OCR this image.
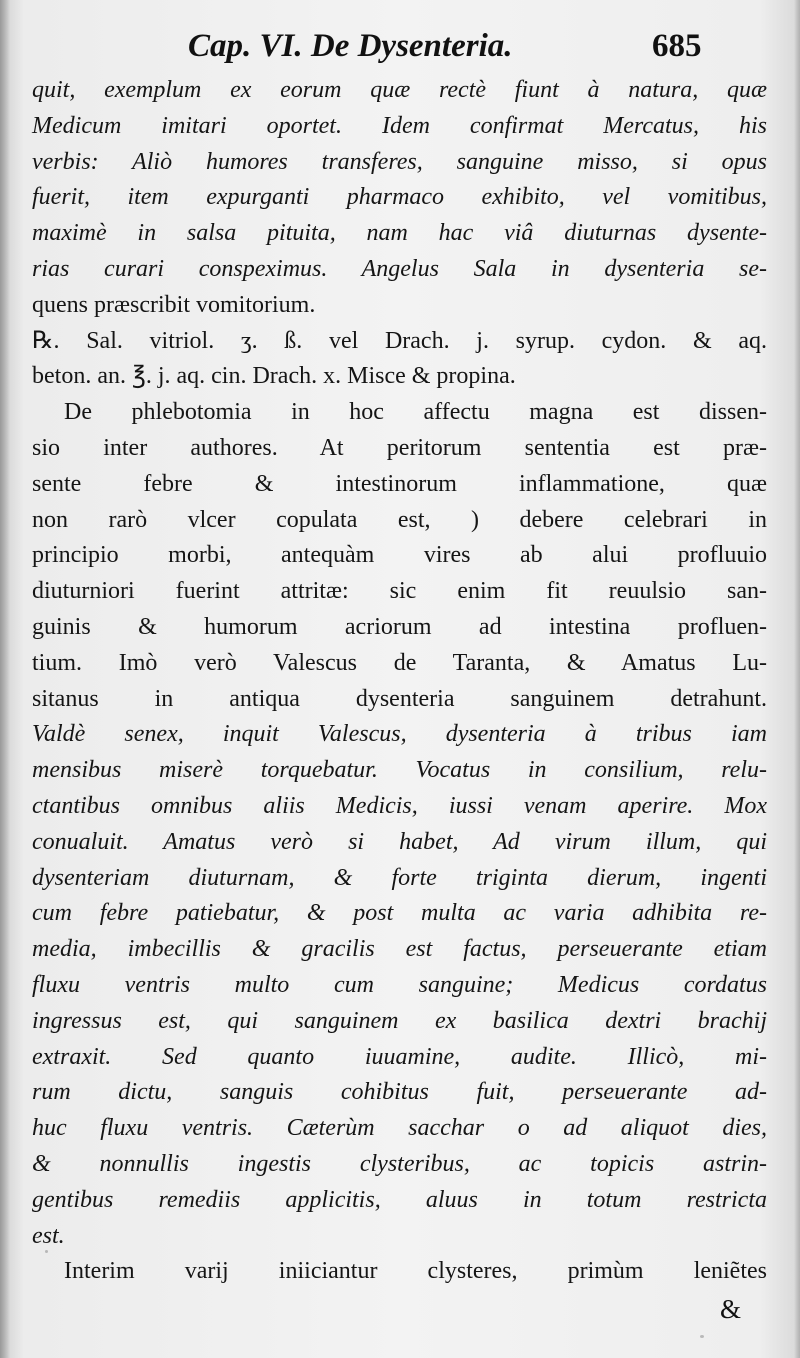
Cap. VI. De Dysenteria.	685
quit, exemplum ex eorum quæ rectè fiunt à natura, quæ
Medicum imitari oportet. Idem confirmat Mercatus, his
verbis: Aliò humores transferes, sanguine misso, si opus
fuerit, item expurganti pharmaco exhibito, vel vomitibus,
maximè in salsa pituita, nam hac viâ diuturnas dysente-
rias curari conspeximus. Angelus Sala in dysenteria se-
quens præscribit vomitorium.
℞. Sal. vitriol. ʒ. ß. vel Drach. j. syrup. cydon. & aq.
beton. an. ℥. j. aq. cin. Drach. x. Misce & propina.
De phlebotomia in hoc affectu magna est dissen-
sio inter authores. At peritorum sententia est præ-
sente febre & intestinorum inflammatione, quæ
non rarò vlcer copulata est, ) debere celebrari in
principio morbi, antequàm vires ab alui profluuio
diuturniori fuerint attritæ: sic enim fit reuulsio san-
guinis & humorum acriorum ad intestina profluen-
tium. Imò verò Valescus de Taranta, & Amatus Lu-
sitanus in antiqua dysenteria sanguinem detrahunt.
Valdè senex, inquit Valescus, dysenteria à tribus iam
mensibus miserè torquebatur. Vocatus in consilium, relu-
ctantibus omnibus aliis Medicis, iussi venam aperire. Mox
conualuit. Amatus verò si habet, Ad virum illum, qui
dysenteriam diuturnam, & forte triginta dierum, ingenti
cum febre patiebatur, & post multa ac varia adhibita re-
media, imbecillis & gracilis est factus, perseuerante etiam
fluxu ventris multo cum sanguine; Medicus cordatus
ingressus est, qui sanguinem ex basilica dextri brachij
extraxit. Sed quanto iuuamine, audite. Illicò, mi-
rum dictu, sanguis cohibitus fuit, perseuerante ad-
huc fluxu ventris. Cæterùm sacchar o ad aliquot dies,
& nonnullis ingestis clysteribus, ac topicis astrin-
gentibus remediis applicitis, aluus in totum restricta
est.
Interim varij iniiciantur clysteres, primùm leniẽtes
&
